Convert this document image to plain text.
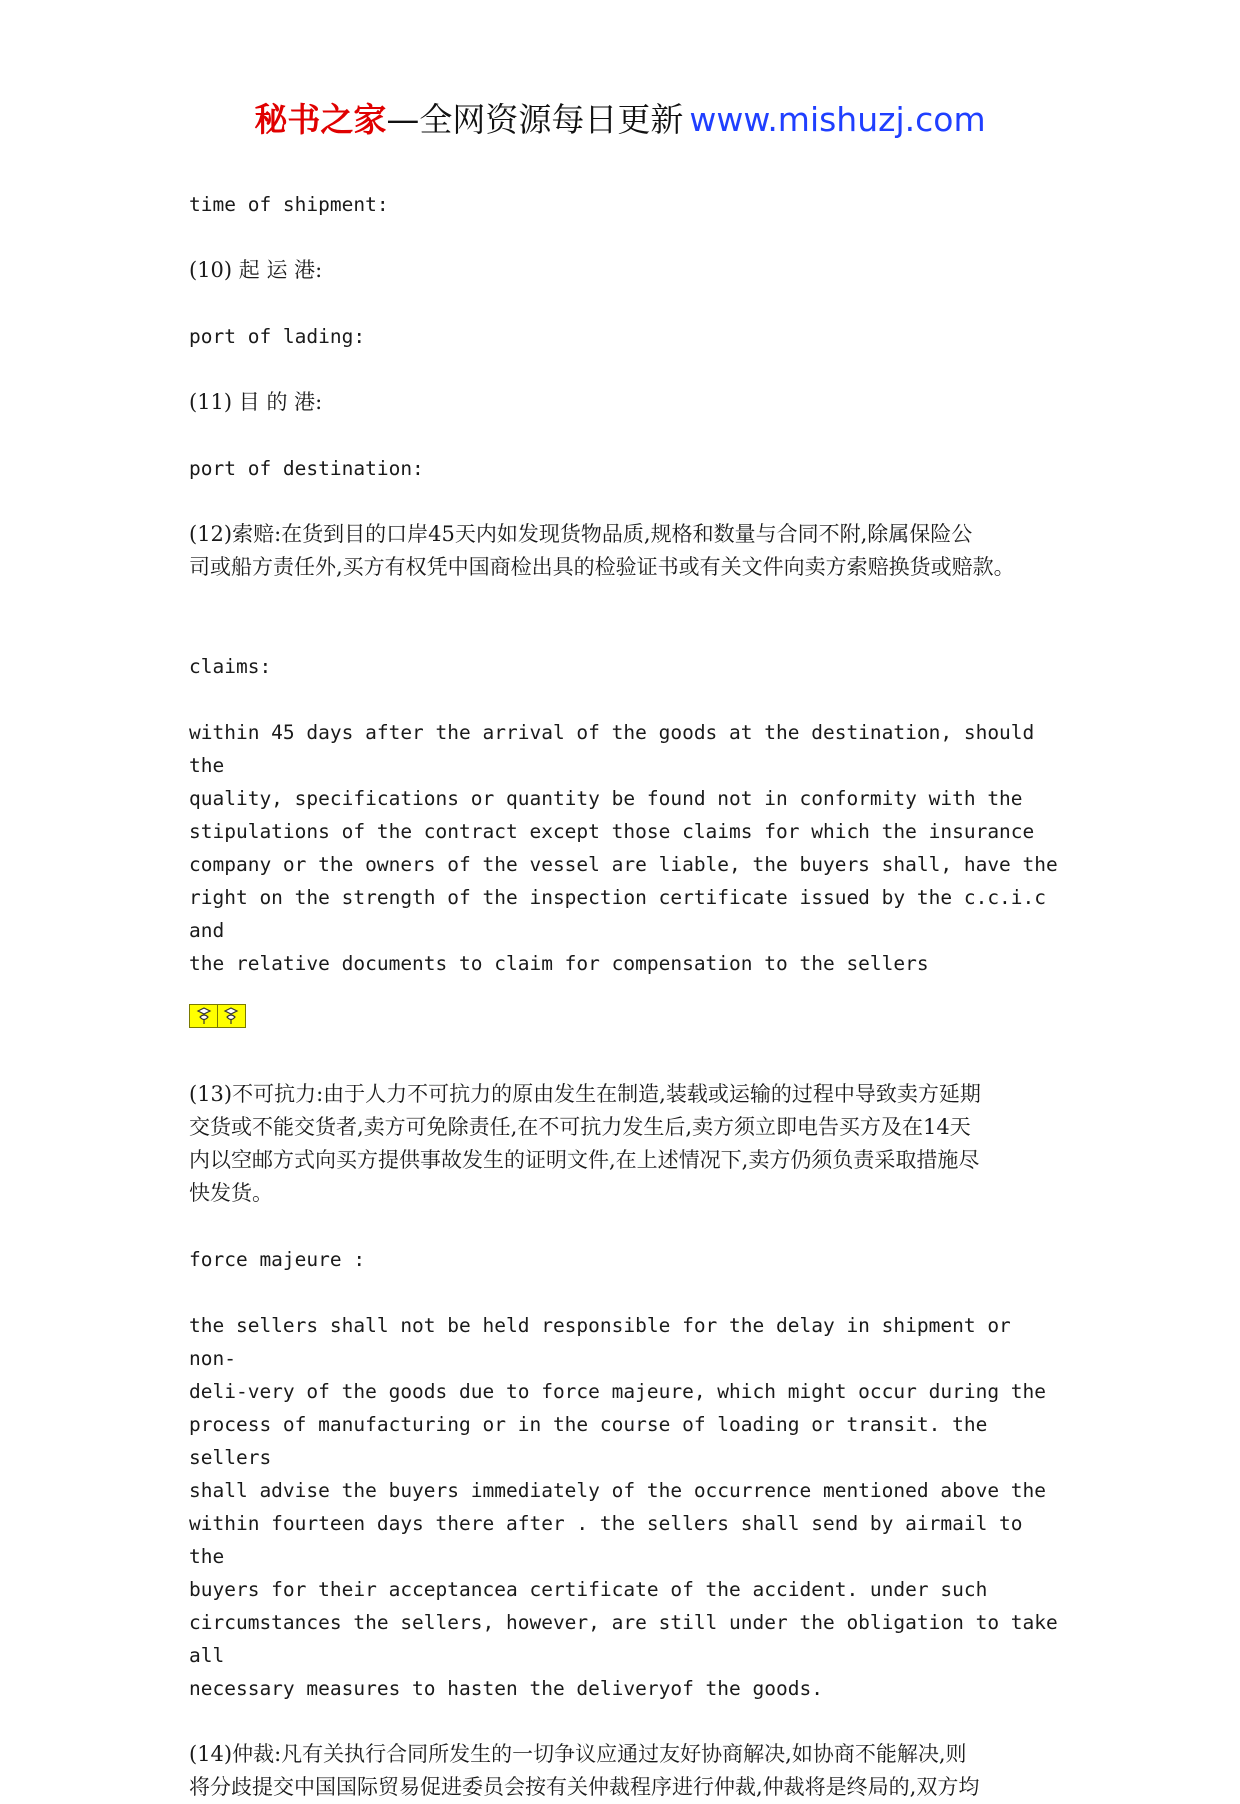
秘书之家—全网资源每日更新 www.mishuzj.com

time of shipment:

(10) 起 运 港:

port of lading:

(11) 目 的 港:

port of destination:

(12)索赔:在货到目的口岸45天内如发现货物品质,规格和数量与合同不附,除属保险公

司或船方责任外,买方有权凭中国商检出具的检验证书或有关文件向卖方索赔换货或赔款。

claims:

within 45 days after the arrival of the goods at the destination, should the

quality, specifications or quantity be found not in conformity with the

stipulations of the contract except those claims for which the insurance

company or the owners of the vessel are liable, the buyers shall, have the

right on the strength of the inspection certificate issued by the c.c.i.c and

the relative documents to claim for compensation to the sellers

(13)不可抗力:由于人力不可抗力的原由发生在制造,装载或运输的过程中导致卖方延期

交货或不能交货者,卖方可免除责任,在不可抗力发生后,卖方须立即电告买方及在14天

内以空邮方式向买方提供事故发生的证明文件,在上述情况下,卖方仍须负责采取措施尽

快发货。

force majeure :

the sellers shall not be held responsible for the delay in shipment or non-

deli-very of the goods due to force majeure, which might occur during the

process of manufacturing or in the course of loading or transit. the sellers

shall advise the buyers immediately of the occurrence mentioned above the

within fourteen days there after . the sellers shall send by airmail to the

buyers for their acceptancea certificate of the accident. under such

circumstances the sellers, however, are still under the obligation to take all

necessary measures to hasten the deliveryof the goods.

(14)仲裁:凡有关执行合同所发生的一切争议应通过友好协商解决,如协商不能解决,则

将分歧提交中国国际贸易促进委员会按有关仲裁程序进行仲裁,仲裁将是终局的,双方均
